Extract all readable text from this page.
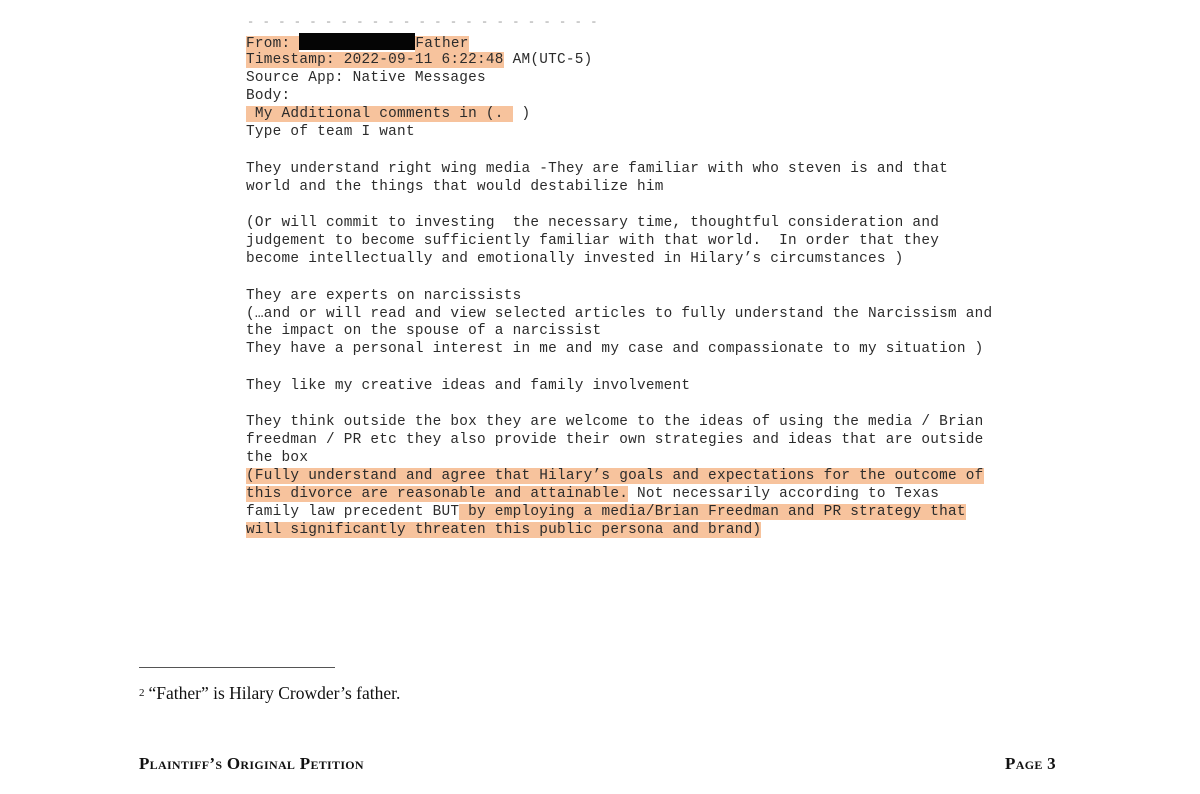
- - - - - - - - - - - - - - - - - - - - - - -
From:	Father
Timestamp: 2022-09-11 6:22:48 AM(UTC-5)
Source App: Native Messages
Body:
My Additional comments in (.  )
Type of team I want
They understand right wing media -They are familiar with who steven is and that
world and the things that would destabilize him
(Or will commit to investing  the necessary time, thoughtful consideration and
judgement to become sufficiently familiar with that world.  In order that they
become intellectually and emotionally invested in Hilary’s circumstances )
They are experts on narcissists
(…and or will read and view selected articles to fully understand the Narcissism and
the impact on the spouse of a narcissist
They have a personal interest in me and my case and compassionate to my situation )
They like my creative ideas and family involvement
They think outside the box they are welcome to the ideas of using the media / Brian
freedman / PR etc they also provide their own strategies and ideas that are outside
the box
(Fully understand and agree that Hilary’s goals and expectations for the outcome of
this divorce are reasonable and attainable. Not necessarily according to Texas
family law precedent BUT by employing a media/Brian Freedman and PR strategy that
will significantly threaten this public persona and brand)
$^2$ “Father” is Hilary Crowder’s father.
Plaintiff’s Original Petition	Page 3
